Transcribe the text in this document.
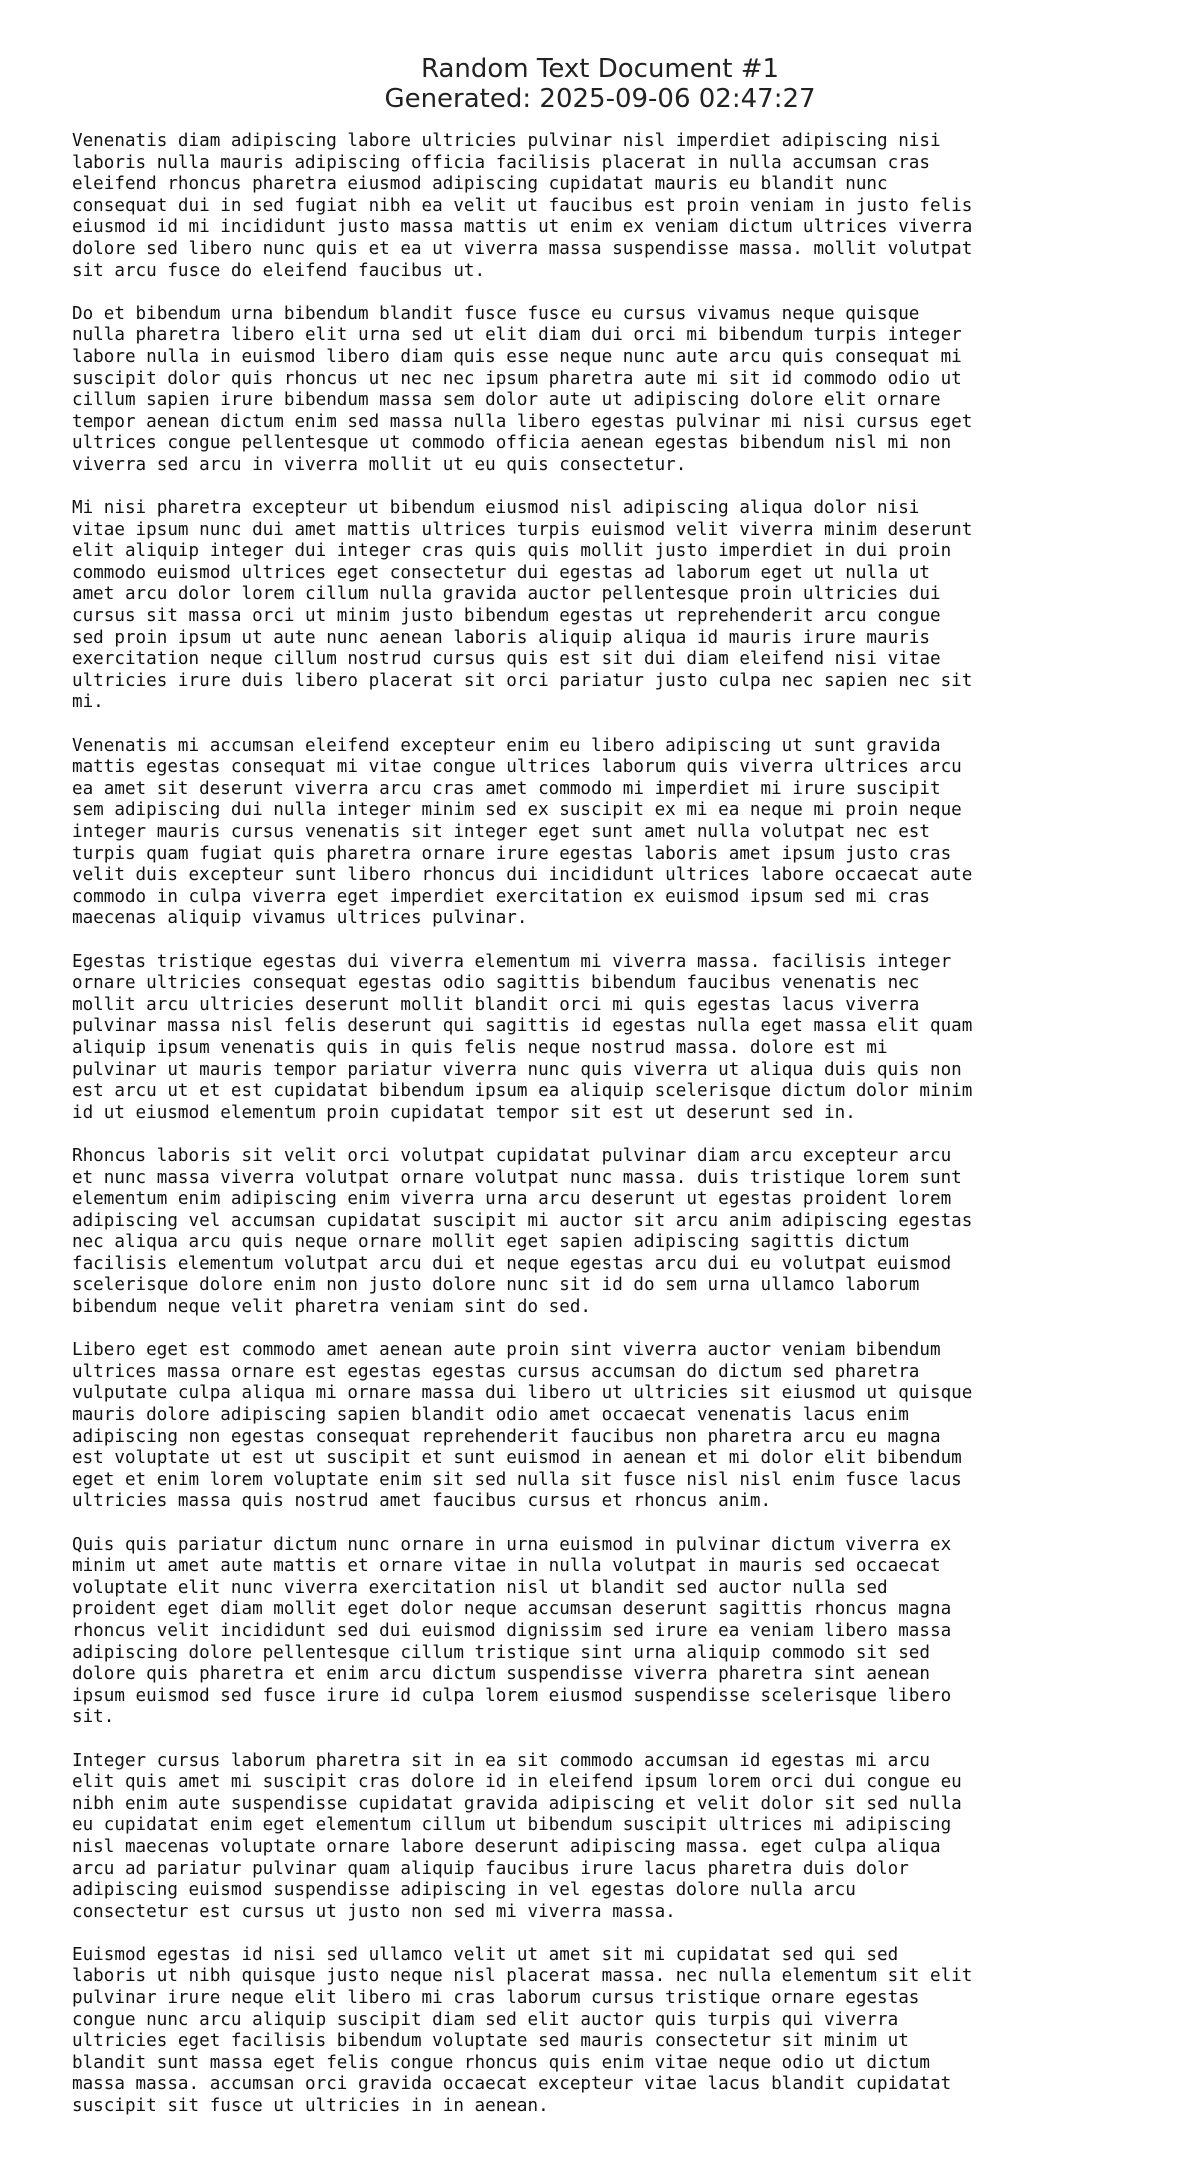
Random Text Document #1
Generated: 2025-09-06 02:47:27
Venenatis diam adipiscing labore ultricies pulvinar nisl imperdiet adipiscing nisi
laboris nulla mauris adipiscing officia facilisis placerat in nulla accumsan cras
eleifend rhoncus pharetra eiusmod adipiscing cupidatat mauris eu blandit nunc
consequat dui in sed fugiat nibh ea velit ut faucibus est proin veniam in justo felis
eiusmod id mi incididunt justo massa mattis ut enim ex veniam dictum ultrices viverra
dolore sed libero nunc quis et ea ut viverra massa suspendisse massa. mollit volutpat
sit arcu fusce do eleifend faucibus ut.
Do et bibendum urna bibendum blandit fusce fusce eu cursus vivamus neque quisque
nulla pharetra libero elit urna sed ut elit diam dui orci mi bibendum turpis integer
labore nulla in euismod libero diam quis esse neque nunc aute arcu quis consequat mi
suscipit dolor quis rhoncus ut nec nec ipsum pharetra aute mi sit id commodo odio ut
cillum sapien irure bibendum massa sem dolor aute ut adipiscing dolore elit ornare
tempor aenean dictum enim sed massa nulla libero egestas pulvinar mi nisi cursus eget
ultrices congue pellentesque ut commodo officia aenean egestas bibendum nisl mi non
viverra sed arcu in viverra mollit ut eu quis consectetur.
Mi nisi pharetra excepteur ut bibendum eiusmod nisl adipiscing aliqua dolor nisi
vitae ipsum nunc dui amet mattis ultrices turpis euismod velit viverra minim deserunt
elit aliquip integer dui integer cras quis quis mollit justo imperdiet in dui proin
commodo euismod ultrices eget consectetur dui egestas ad laborum eget ut nulla ut
amet arcu dolor lorem cillum nulla gravida auctor pellentesque proin ultricies dui
cursus sit massa orci ut minim justo bibendum egestas ut reprehenderit arcu congue
sed proin ipsum ut aute nunc aenean laboris aliquip aliqua id mauris irure mauris
exercitation neque cillum nostrud cursus quis est sit dui diam eleifend nisi vitae
ultricies irure duis libero placerat sit orci pariatur justo culpa nec sapien nec sit
mi.
Venenatis mi accumsan eleifend excepteur enim eu libero adipiscing ut sunt gravida
mattis egestas consequat mi vitae congue ultrices laborum quis viverra ultrices arcu
ea amet sit deserunt viverra arcu cras amet commodo mi imperdiet mi irure suscipit
sem adipiscing dui nulla integer minim sed ex suscipit ex mi ea neque mi proin neque
integer mauris cursus venenatis sit integer eget sunt amet nulla volutpat nec est
turpis quam fugiat quis pharetra ornare irure egestas laboris amet ipsum justo cras
velit duis excepteur sunt libero rhoncus dui incididunt ultrices labore occaecat aute
commodo in culpa viverra eget imperdiet exercitation ex euismod ipsum sed mi cras
maecenas aliquip vivamus ultrices pulvinar.
Egestas tristique egestas dui viverra elementum mi viverra massa. facilisis integer
ornare ultricies consequat egestas odio sagittis bibendum faucibus venenatis nec
mollit arcu ultricies deserunt mollit blandit orci mi quis egestas lacus viverra
pulvinar massa nisl felis deserunt qui sagittis id egestas nulla eget massa elit quam
aliquip ipsum venenatis quis in quis felis neque nostrud massa. dolore est mi
pulvinar ut mauris tempor pariatur viverra nunc quis viverra ut aliqua duis quis non
est arcu ut et est cupidatat bibendum ipsum ea aliquip scelerisque dictum dolor minim
id ut eiusmod elementum proin cupidatat tempor sit est ut deserunt sed in.
Rhoncus laboris sit velit orci volutpat cupidatat pulvinar diam arcu excepteur arcu
et nunc massa viverra volutpat ornare volutpat nunc massa. duis tristique lorem sunt
elementum enim adipiscing enim viverra urna arcu deserunt ut egestas proident lorem
adipiscing vel accumsan cupidatat suscipit mi auctor sit arcu anim adipiscing egestas
nec aliqua arcu quis neque ornare mollit eget sapien adipiscing sagittis dictum
facilisis elementum volutpat arcu dui et neque egestas arcu dui eu volutpat euismod
scelerisque dolore enim non justo dolore nunc sit id do sem urna ullamco laborum
bibendum neque velit pharetra veniam sint do sed.
Libero eget est commodo amet aenean aute proin sint viverra auctor veniam bibendum
ultrices massa ornare est egestas egestas cursus accumsan do dictum sed pharetra
vulputate culpa aliqua mi ornare massa dui libero ut ultricies sit eiusmod ut quisque
mauris dolore adipiscing sapien blandit odio amet occaecat venenatis lacus enim
adipiscing non egestas consequat reprehenderit faucibus non pharetra arcu eu magna
est voluptate ut est ut suscipit et sunt euismod in aenean et mi dolor elit bibendum
eget et enim lorem voluptate enim sit sed nulla sit fusce nisl nisl enim fusce lacus
ultricies massa quis nostrud amet faucibus cursus et rhoncus anim.
Quis quis pariatur dictum nunc ornare in urna euismod in pulvinar dictum viverra ex
minim ut amet aute mattis et ornare vitae in nulla volutpat in mauris sed occaecat
voluptate elit nunc viverra exercitation nisl ut blandit sed auctor nulla sed
proident eget diam mollit eget dolor neque accumsan deserunt sagittis rhoncus magna
rhoncus velit incididunt sed dui euismod dignissim sed irure ea veniam libero massa
adipiscing dolore pellentesque cillum tristique sint urna aliquip commodo sit sed
dolore quis pharetra et enim arcu dictum suspendisse viverra pharetra sint aenean
ipsum euismod sed fusce irure id culpa lorem eiusmod suspendisse scelerisque libero
sit.
Integer cursus laborum pharetra sit in ea sit commodo accumsan id egestas mi arcu
elit quis amet mi suscipit cras dolore id in eleifend ipsum lorem orci dui congue eu
nibh enim aute suspendisse cupidatat gravida adipiscing et velit dolor sit sed nulla
eu cupidatat enim eget elementum cillum ut bibendum suscipit ultrices mi adipiscing
nisl maecenas voluptate ornare labore deserunt adipiscing massa. eget culpa aliqua
arcu ad pariatur pulvinar quam aliquip faucibus irure lacus pharetra duis dolor
adipiscing euismod suspendisse adipiscing in vel egestas dolore nulla arcu
consectetur est cursus ut justo non sed mi viverra massa.
Euismod egestas id nisi sed ullamco velit ut amet sit mi cupidatat sed qui sed
laboris ut nibh quisque justo neque nisl placerat massa. nec nulla elementum sit elit
pulvinar irure neque elit libero mi cras laborum cursus tristique ornare egestas
congue nunc arcu aliquip suscipit diam sed elit auctor quis turpis qui viverra
ultricies eget facilisis bibendum voluptate sed mauris consectetur sit minim ut
blandit sunt massa eget felis congue rhoncus quis enim vitae neque odio ut dictum
massa massa. accumsan orci gravida occaecat excepteur vitae lacus blandit cupidatat
suscipit sit fusce ut ultricies in in aenean.
